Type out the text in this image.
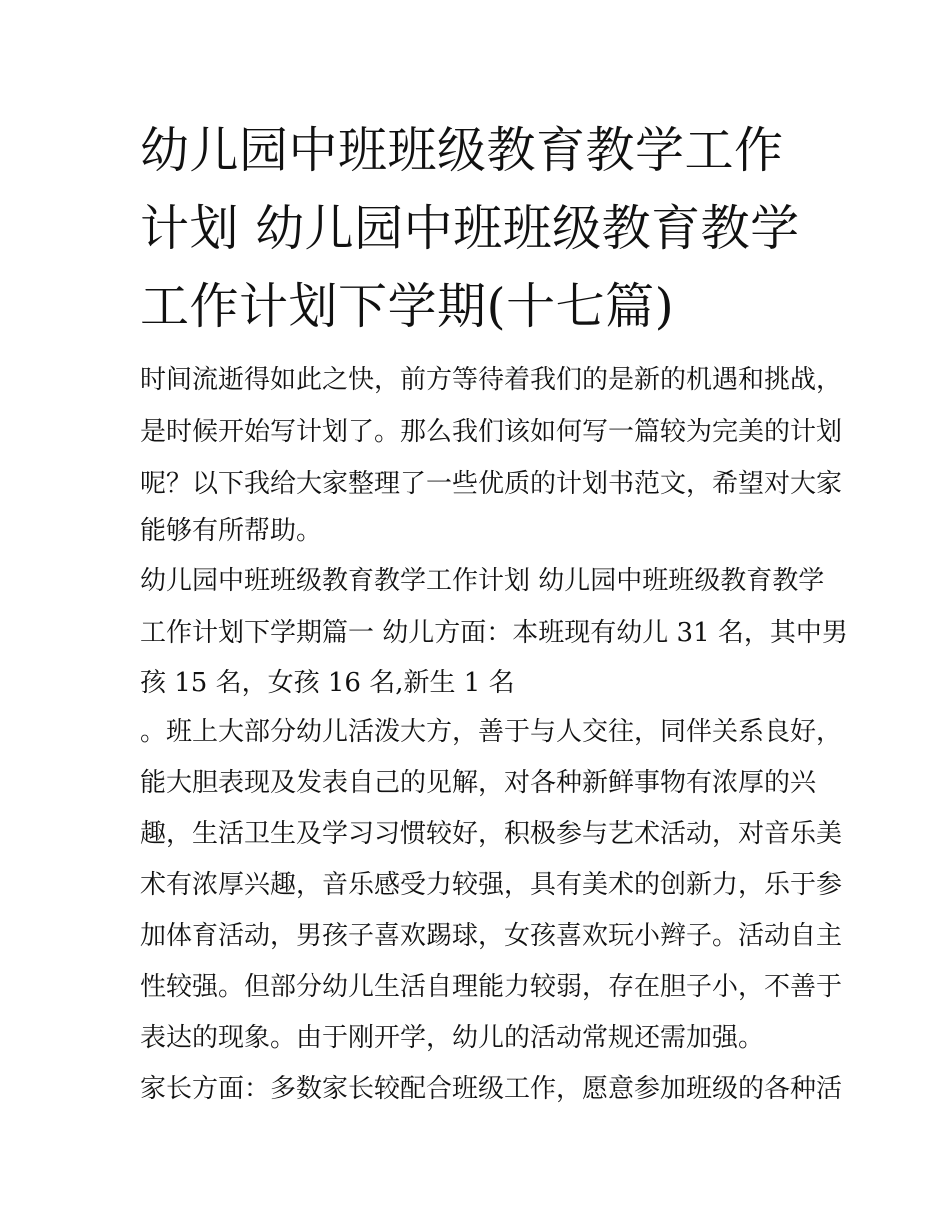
幼儿园中班班级教育教学工作
计划 幼儿园中班班级教育教学
工作计划下学期(十七篇)

时间流逝得如此之快，前方等待着我们的是新的机遇和挑战，

是时候开始写计划了。那么我们该如何写一篇较为完美的计划

呢？以下我给大家整理了一些优质的计划书范文，希望对大家

能够有所帮助。

幼儿园中班班级教育教学工作计划 幼儿园中班班级教育教学

工作计划下学期篇一 幼儿方面：本班现有幼儿 31 名，其中男

孩 15 名，女孩 16 名,新生 1 名

。班上大部分幼儿活泼大方，善于与人交往，同伴关系良好，

能大胆表现及发表自己的见解，对各种新鲜事物有浓厚的兴

趣，生活卫生及学习习惯较好，积极参与艺术活动，对音乐美

术有浓厚兴趣，音乐感受力较强，具有美术的创新力，乐于参

加体育活动，男孩子喜欢踢球，女孩喜欢玩小辫子。活动自主

性较强。但部分幼儿生活自理能力较弱，存在胆子小，不善于

表达的现象。由于刚开学，幼儿的活动常规还需加强。

家长方面：多数家长较配合班级工作，愿意参加班级的各种活
